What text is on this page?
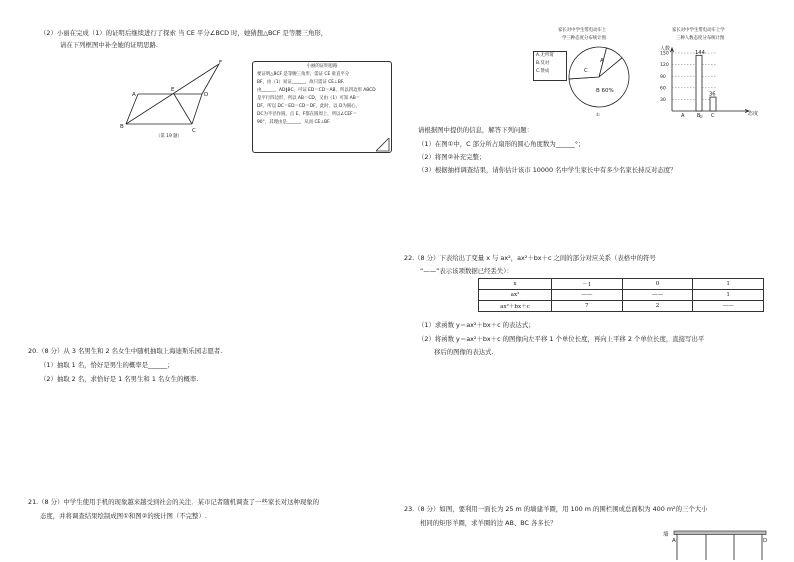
（2）小丽在完成（1）的证明后继续进行了探索 当 CE 平分∠BCD 时，她猜想△BCF 是等腰三角形，
请在下列框图中补全她的证明思路.
A
B
C
D
E
F
（第 19 题）
小丽的证明思路
要证明△BCF 是等腰三角形，需证 CE 垂直平分
BF，由（1）易证______，故只需证 CE⊥BF.
由______，AD∥BC，可证 ED＝CD＝AB，所以四边形 ABCD
是平行四边形，所以 AB＝CD，又由（1）可知 AB＝
DF，所以 DC＝ED＝CD＝DF，此时，以 D为圆心，
DC为半径作圆，点 E、F都在圆周上，所以∠CEF＝
90°，其理由是______，从而 CE⊥BF.
20.（8 分）从 3 名男生和 2 名女生中随机抽取上海迪斯乐园志愿者.
（1）抽取 1 名，恰好是男生的概率是______；
（2）抽取 2 名，求恰好是 1 名男生和 1 名女生的概率.
21.（8 分）中学生使用手机的现象越来越受到社会的关注．某市记者随机调查了一些家长对这种现象的
态度，并将调查结果绘制成图①和图②的统计图（不完整）.
家长对中学生带电动车上
学三种态度分布统计图
A.无所谓
B.反对
C.赞成	C
A
B 60%
①
家长对中学生带电动车上学
三种人数态度分布统计图
人数
态度
30
60
90
120
150
A	B C
144
36
②
请根据图中提供的信息，解答下列问题：
（1）在图①中，C 部分所占扇形的圆心角度数为______°；
（2）将图②补充完整；
（3）根据抽样调查结果，请你估计该市 10000 名中学生家长中有多少名家长持反对态度？
22.（8 分）下表给出了变量 x 与 ax²，ax²＋bx＋c 之间的部分对应关系（表格中的符号
“——”表示该项数据已经丢失）：
x	－1	0	1
ax²	——	——	1
ax²＋bx＋c	7	2	——
（1）求函数 y＝ax²＋bx＋c 的表达式；
（2）将函数 y＝ax²＋bx＋c 的图像向左平移 1 个单位长度，再向上平移 2 个单位长度，直接写出平
移后的图像的表达式.
23.（8 分）如图，要利用一面长为 25 m 的墙建羊圈，用 100 m 的围栏围成总面积为 400 m²的三个大小
相同的矩形羊圈，求羊圈的边 AB、BC 各多长？
墙
A	D
